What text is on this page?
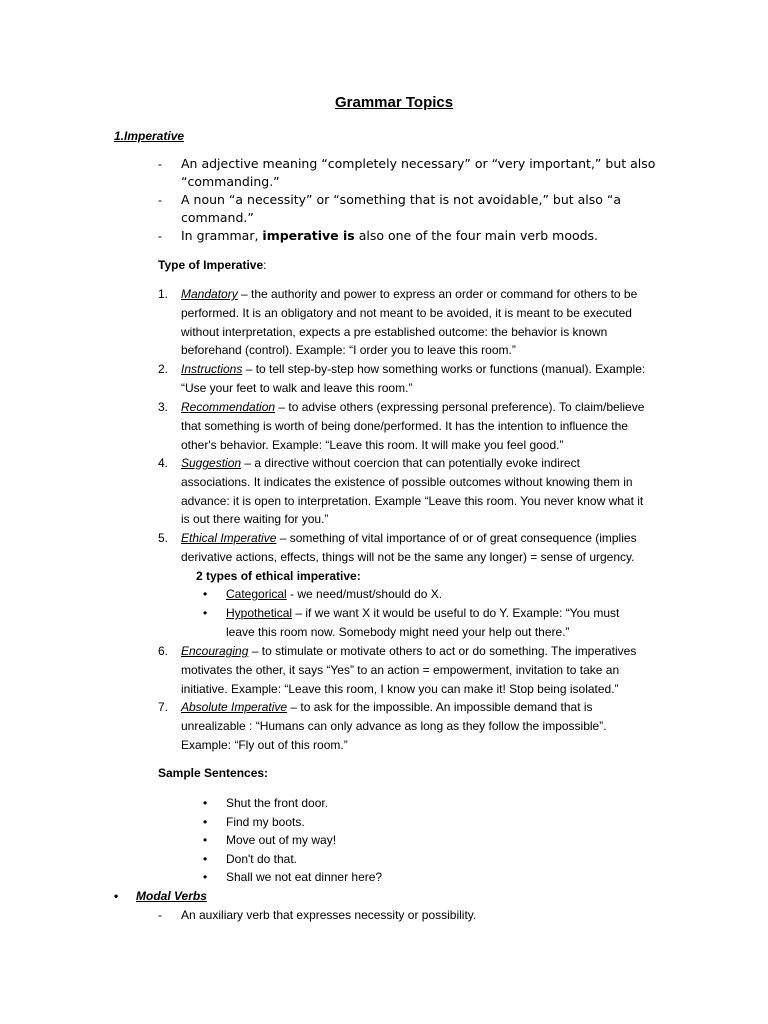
Grammar Topics
1.Imperative
- An adjective meaning “completely necessary” or “very important,” but also
“commanding.”
- A noun “a necessity” or “something that is not avoidable,” but also “a
command.”
- In grammar, imperative is also one of the four main verb moods.
Type of Imperative:
1. Mandatory – the authority and power to express an order or command for others to be
performed. It is an obligatory and not meant to be avoided, it is meant to be executed
without interpretation, expects a pre established outcome: the behavior is known
beforehand (control). Example: “I order you to leave this room.”
2. Instructions – to tell step-by-step how something works or functions (manual). Example:
“Use your feet to walk and leave this room.”
3. Recommendation – to advise others (expressing personal preference). To claim/believe
that something is worth of being done/performed. It has the intention to influence the
other's behavior. Example: “Leave this room. It will make you feel good.”
4. Suggestion – a directive without coercion that can potentially evoke indirect
associations. It indicates the existence of possible outcomes without knowing them in
advance: it is open to interpretation. Example “Leave this room. You never know what it
is out there waiting for you.”
5. Ethical Imperative – something of vital importance of or of great consequence (implies
derivative actions, effects, things will not be the same any longer) = sense of urgency.
2 types of ethical imperative:
• Categorical - we need/must/should do X.
• Hypothetical – if we want X it would be useful to do Y. Example: “You must
leave this room now. Somebody might need your help out there.”
6. Encouraging – to stimulate or motivate others to act or do something. The imperatives
motivates the other, it says “Yes” to an action = empowerment, invitation to take an
initiative. Example: “Leave this room, I know you can make it! Stop being isolated.”
7. Absolute Imperative – to ask for the impossible. An impossible demand that is
unrealizable : “Humans can only advance as long as they follow the impossible”.
Example: “Fly out of this room.”
Sample Sentences:
• Shut the front door.
• Find my boots.
• Move out of my way!
• Don't do that.
• Shall we not eat dinner here?
• Modal Verbs
- An auxiliary verb that expresses necessity or possibility.
